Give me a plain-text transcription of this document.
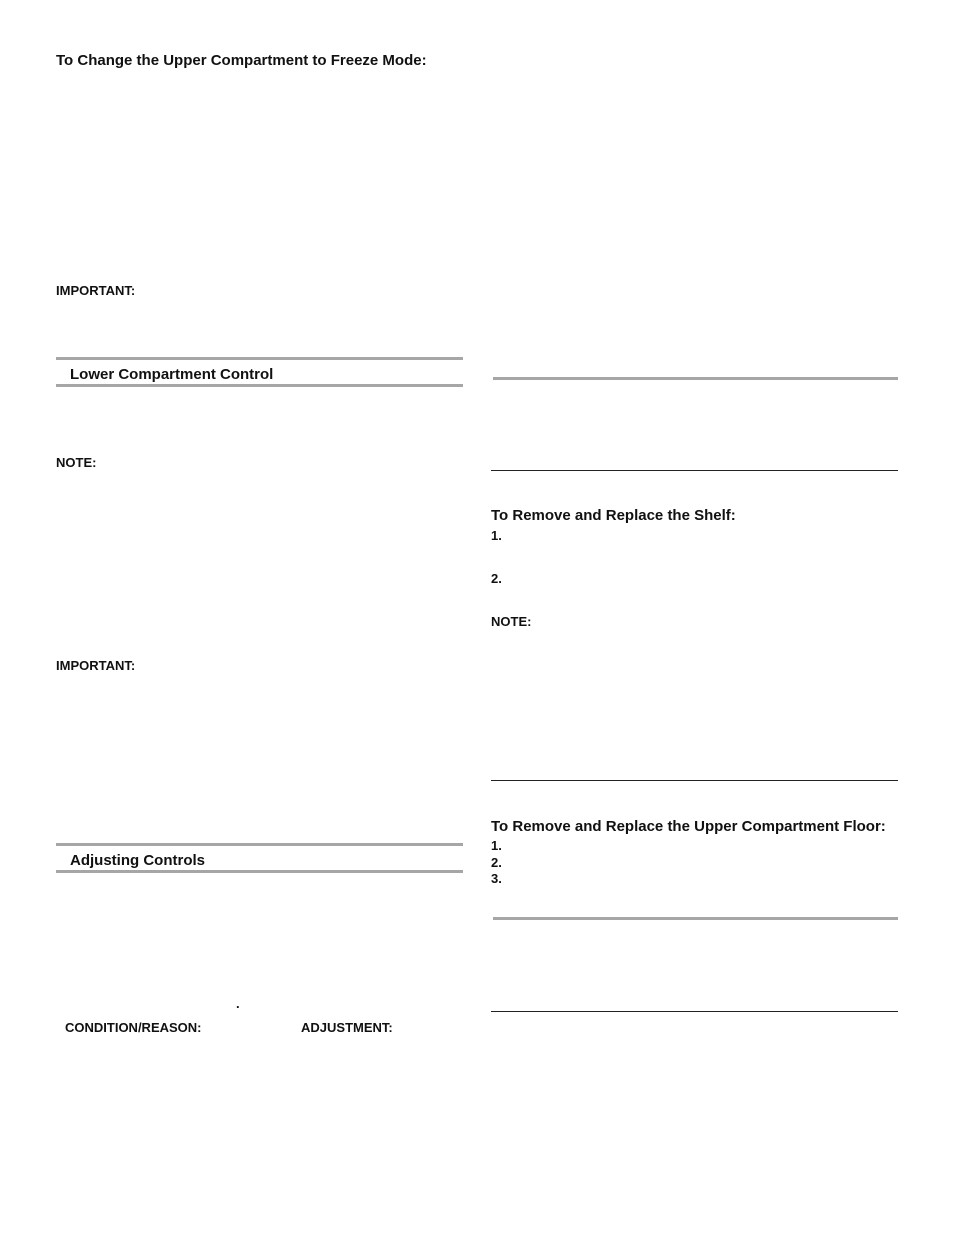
To Change the Upper Compartment to Freeze Mode:
IMPORTANT:
Lower Compartment Control
NOTE:
IMPORTANT:
Adjusting Controls
.
CONDITION/REASON:	ADJUSTMENT:
To Remove and Replace the Shelf:
1.
2.
NOTE:
To Remove and Replace the Upper Compartment Floor:
1.
2.
3.
